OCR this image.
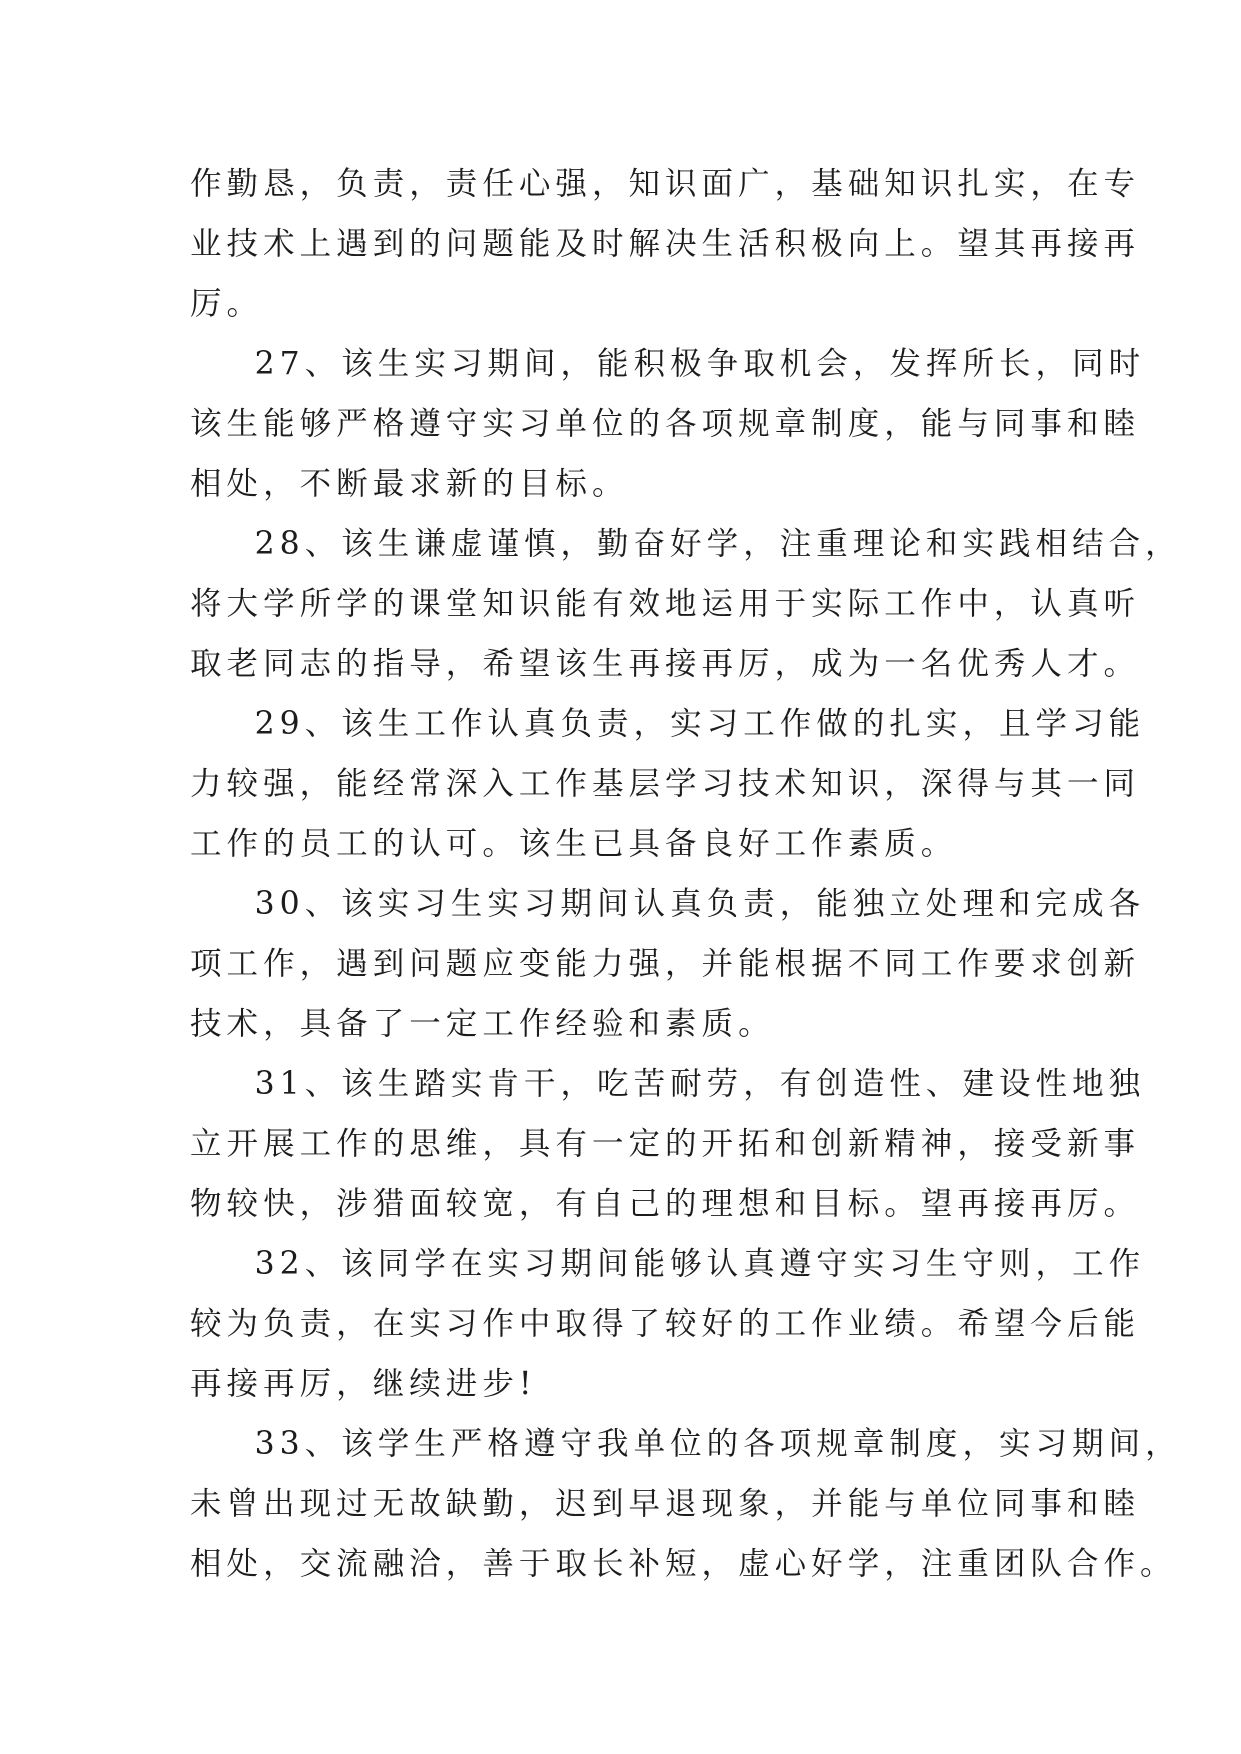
作勤恳，负责，责任心强，知识面广，基础知识扎实，在专
业技术上遇到的问题能及时解决生活积极向上。望其再接再
厉。

27、该生实习期间，能积极争取机会，发挥所长，同时
该生能够严格遵守实习单位的各项规章制度，能与同事和睦
相处，不断最求新的目标。

28、该生谦虚谨慎，勤奋好学，注重理论和实践相结合，
将大学所学的课堂知识能有效地运用于实际工作中，认真听
取老同志的指导，希望该生再接再厉，成为一名优秀人才。

29、该生工作认真负责，实习工作做的扎实，且学习能
力较强，能经常深入工作基层学习技术知识，深得与其一同
工作的员工的认可。该生已具备良好工作素质。

30、该实习生实习期间认真负责，能独立处理和完成各
项工作，遇到问题应变能力强，并能根据不同工作要求创新
技术，具备了一定工作经验和素质。

31、该生踏实肯干，吃苦耐劳，有创造性、建设性地独
立开展工作的思维，具有一定的开拓和创新精神，接受新事
物较快，涉猎面较宽，有自己的理想和目标。望再接再厉。

32、该同学在实习期间能够认真遵守实习生守则，工作
较为负责，在实习作中取得了较好的工作业绩。希望今后能
再接再厉，继续进步!

33、该学生严格遵守我单位的各项规章制度，实习期间，
未曾出现过无故缺勤，迟到早退现象，并能与单位同事和睦
相处，交流融洽，善于取长补短，虚心好学，注重团队合作。
